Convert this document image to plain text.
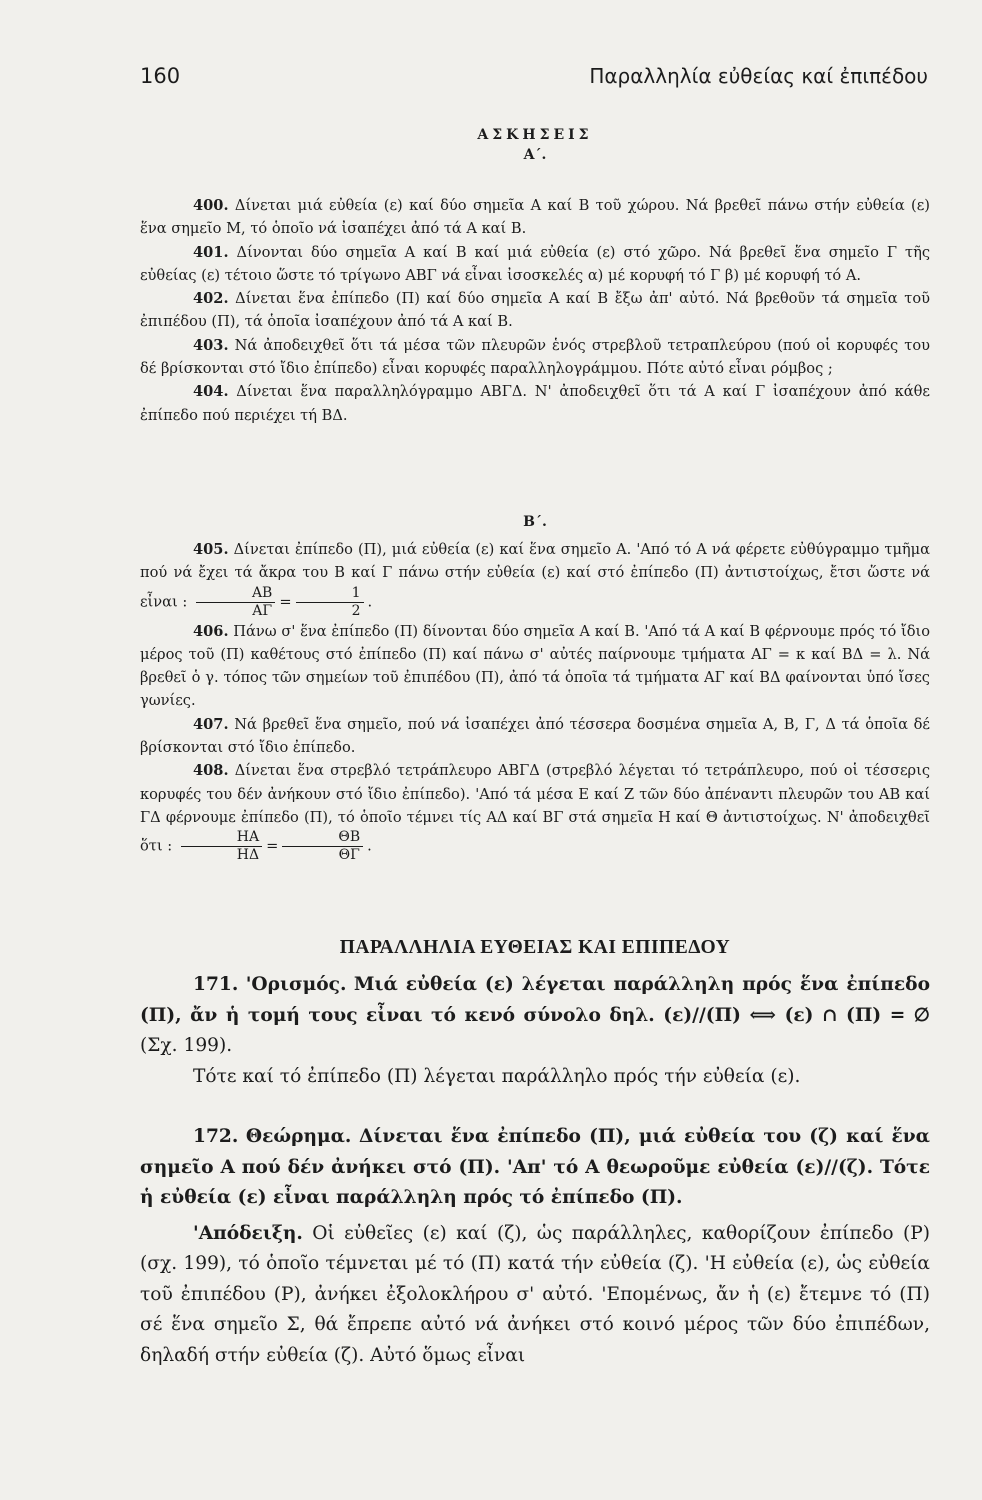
160	Παραλληλία εὐθείας καί ἐπιπέδου
ΑΣΚΗΣΕΙΣ
Α΄.

400. Δίνεται μιά εὐθεία (ε) καί δύο σημεῖα Α καί Β τοῦ χώρου. Νά βρεθεῖ πάνω στήν εὐθεία (ε) ἕνα σημεῖο Μ, τό ὁποῖο νά ἰσαπέχει ἀπό τά Α καί Β.

401. Δίνονται δύο σημεῖα Α καί Β καί μιά εὐθεία (ε) στό χῶρο. Νά βρεθεῖ ἕνα σημεῖο Γ τῆς εὐθείας (ε) τέτοιο ὥστε τό τρίγωνο ΑΒΓ νά εἶναι ἰσοσκελές α) μέ κορυφή τό Γ β) μέ κορυφή τό Α.

402. Δίνεται ἕνα ἐπίπεδο (Π) καί δύο σημεῖα Α καί Β ἔξω ἀπ' αὐτό. Νά βρεθοῦν τά σημεῖα τοῦ ἐπιπέδου (Π), τά ὁποῖα ἰσαπέχουν ἀπό τά Α καί Β.

403. Νά ἀποδειχθεῖ ὅτι τά μέσα τῶν πλευρῶν ἑνός στρεβλοῦ τετραπλεύρου (πού οἱ κορυφές του δέ βρίσκονται στό ἴδιο ἐπίπεδο) εἶναι κορυφές παραλληλογράμμου. Πότε αὐτό εἶναι ρόμβος ;

404. Δίνεται ἕνα παραλληλόγραμμο ΑΒΓΔ. Ν' ἀποδειχθεῖ ὅτι τά Α καί Γ ἰσαπέχουν ἀπό κάθε ἐπίπεδο πού περιέχει τή ΒΔ.

Β΄.

405. Δίνεται ἐπίπεδο (Π), μιά εὐθεία (ε) καί ἕνα σημεῖο Α. 'Από τό Α νά φέρετε εὐθύγραμμο τμῆμα πού νά ἔχει τά ἄκρα του Β καί Γ πάνω στήν εὐθεία (ε) καί στό ἐπίπεδο (Π) ἀντιστοίχως, ἔτσι ὥστε νά εἶναι : $\frac{AB}{A\Gamma} = \frac{1}{2}$ .

406. Πάνω σ' ἕνα ἐπίπεδο (Π) δίνονται δύο σημεῖα Α καί Β. 'Από τά Α καί Β φέρνουμε πρός τό ἴδιο μέρος τοῦ (Π) καθέτους στό ἐπίπεδο (Π) καί πάνω σ' αὐτές παίρνουμε τμήματα ΑΓ = κ καί ΒΔ = λ. Νά βρεθεῖ ὁ γ. τόπος τῶν σημείων τοῦ ἐπιπέδου (Π), ἀπό τά ὁποῖα τά τμήματα ΑΓ καί ΒΔ φαίνονται ὑπό ἴσες γωνίες.

407. Νά βρεθεῖ ἕνα σημεῖο, πού νά ἰσαπέχει ἀπό τέσσερα δοσμένα σημεῖα Α, Β, Γ, Δ τά ὁποῖα δέ βρίσκονται στό ἴδιο ἐπίπεδο.

408. Δίνεται ἕνα στρεβλό τετράπλευρο ΑΒΓΔ (στρεβλό λέγεται τό τετράπλευρο, πού οἱ τέσσερις κορυφές του δέν ἀνήκουν στό ἴδιο ἐπίπεδο). 'Από τά μέσα Ε καί Ζ τῶν δύο ἀπέναντι πλευρῶν του ΑΒ καί ΓΔ φέρνουμε ἐπίπεδο (Π), τό ὁποῖο τέμνει τίς ΑΔ καί ΒΓ στά σημεῖα Η καί Θ ἀντιστοίχως. Ν' ἀποδειχθεῖ ὅτι : $\frac{HA}{H\Delta} = \frac{\Theta B}{\Theta\Gamma}$ .

ΠΑΡΑΛΛΗΛΙΑ ΕΥΘΕΙΑΣ ΚΑΙ ΕΠΙΠΕΔΟΥ

171. 'Ορισμός. Μιά εὐθεία (ε) λέγεται παράλληλη πρός ἕνα ἐπίπεδο (Π), ἄν ἡ τομή τους εἶναι τό κενό σύνολο δηλ. (ε)//(Π) ⟺ (ε) ∩ (Π) = ∅ (Σχ. 199).

Τότε καί τό ἐπίπεδο (Π) λέγεται παράλληλο πρός τήν εὐθεία (ε).

172. Θεώρημα. Δίνεται ἕνα ἐπίπεδο (Π), μιά εὐθεία του (ζ) καί ἕνα σημεῖο Α πού δέν ἀνήκει στό (Π). 'Απ' τό Α θεωροῦμε εὐθεία (ε)//(ζ). Τότε ἡ εὐθεία (ε) εἶναι παράλληλη πρός τό ἐπίπεδο (Π).

'Απόδειξη. Οἱ εὐθεῖες (ε) καί (ζ), ὡς παράλληλες, καθορίζουν ἐπίπεδο (Ρ) (σχ. 199), τό ὁποῖο τέμνεται μέ τό (Π) κατά τήν εὐθεία (ζ). 'Η εὐθεία (ε), ὡς εὐθεία τοῦ ἐπιπέδου (Ρ), ἀνήκει ἐξολοκλήρου σ' αὐτό. 'Επομένως, ἄν ἡ (ε) ἔτεμνε τό (Π) σέ ἕνα σημεῖο Σ, θά ἔπρεπε αὐτό νά ἀνήκει στό κοινό μέρος τῶν δύο ἐπιπέδων, δηλαδή στήν εὐθεία (ζ). Αὐτό ὅμως εἶναι
